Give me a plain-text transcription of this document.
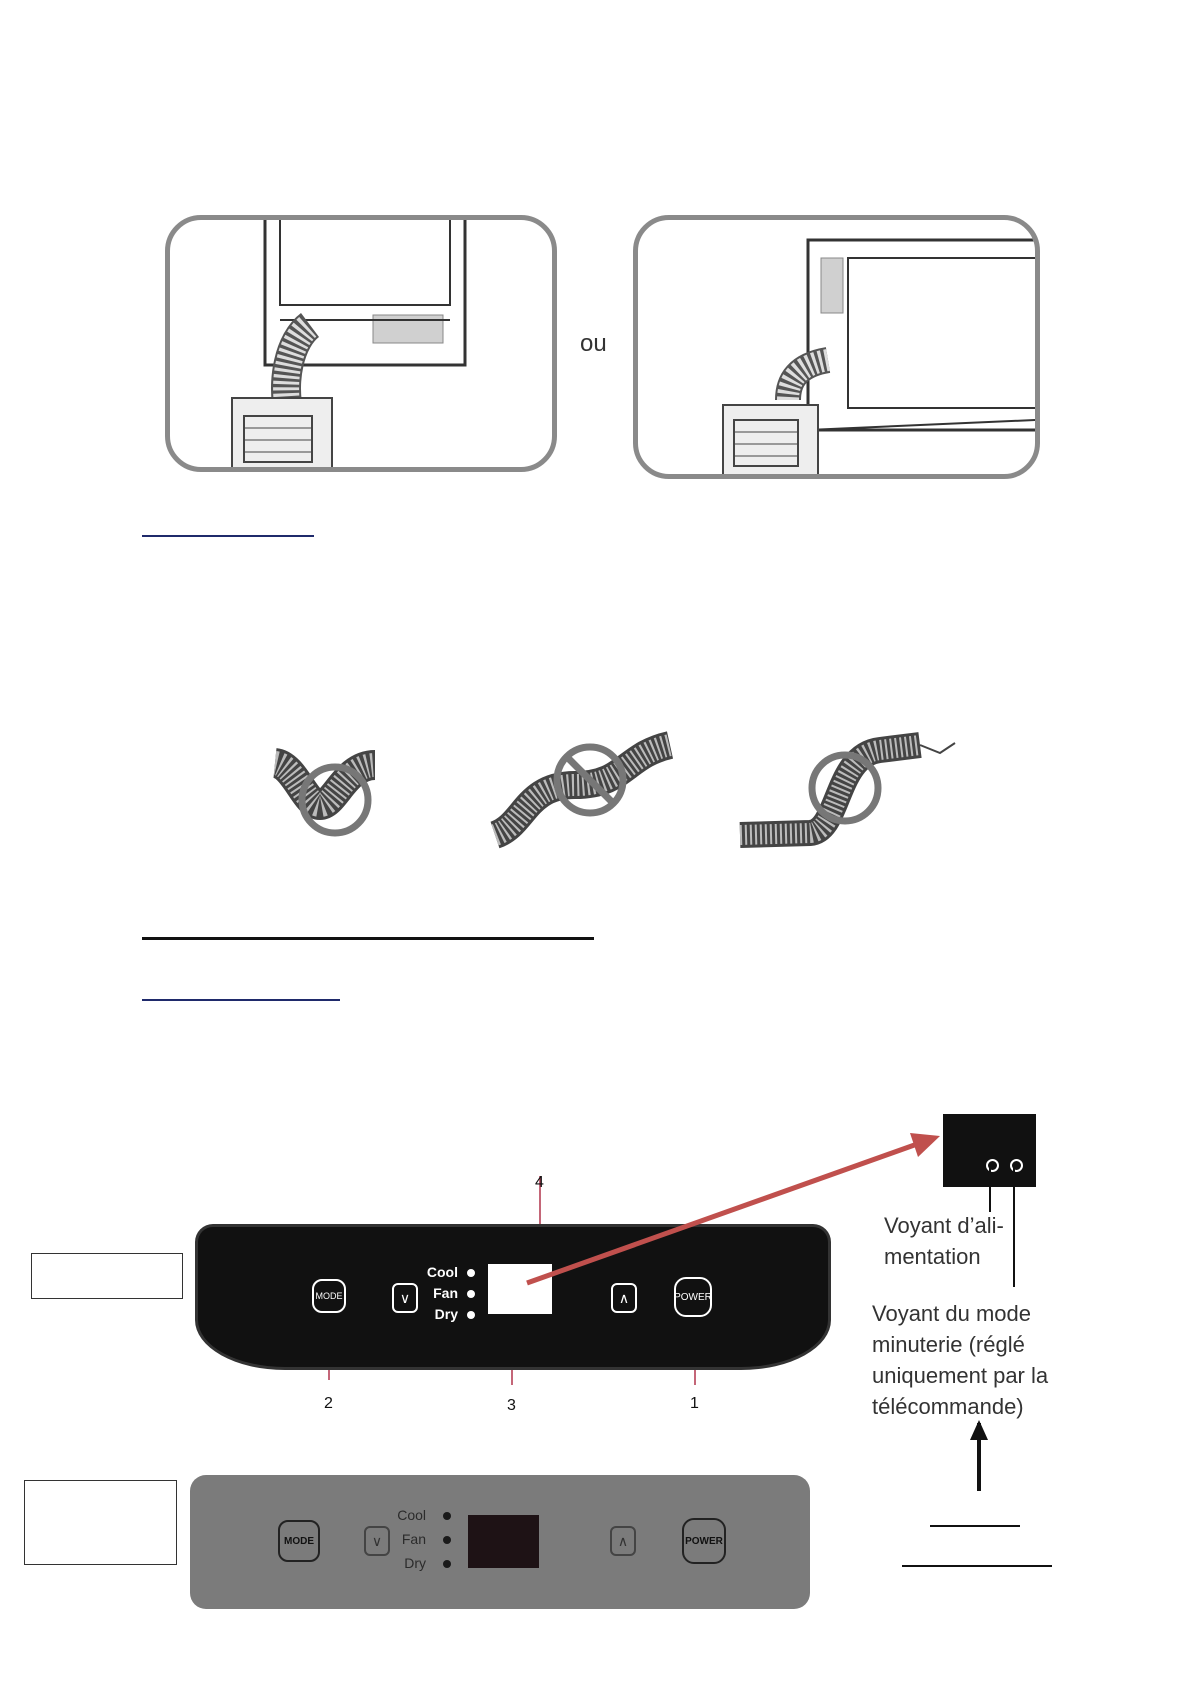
ou
Voyant d’ali-
mentation
Voyant du mode
minuterie (réglé
uniquement par la
télécommande)
MODE	∨
Cool
Fan
Dry
∧	POWER
4
2	3	1
MODE	∨
Cool
Fan
Dry
∧	POWER
